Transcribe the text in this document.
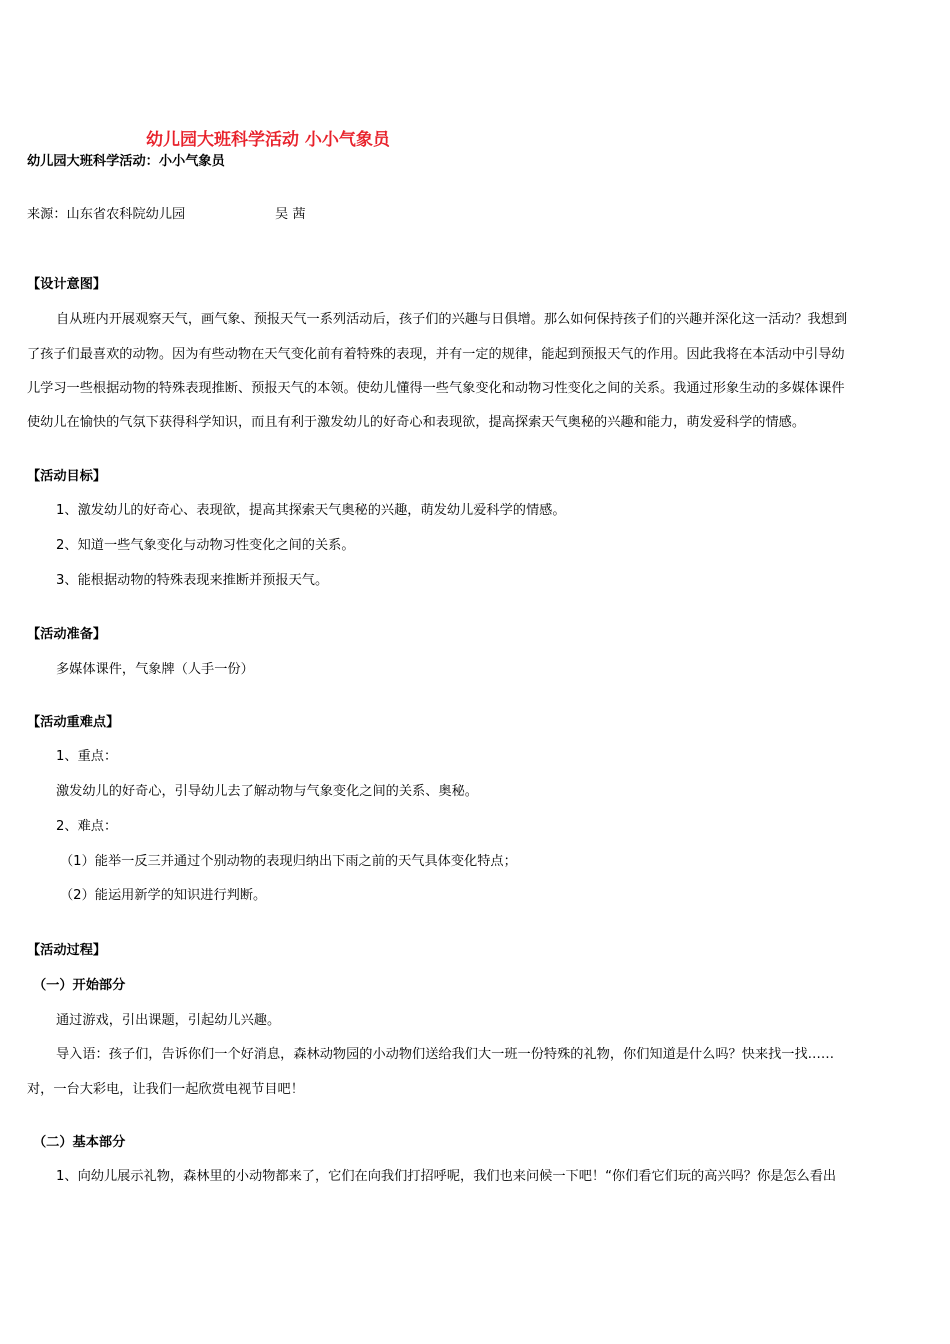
幼儿园大班科学活动 小小气象员
幼儿园大班科学活动：小小气象员
来源：山东省农科院幼儿园	吴 茜
【设计意图】
自从班内开展观察天气，画气象、预报天气一系列活动后，孩子们的兴趣与日俱增。那么如何保持孩子们的兴趣并深化这一活动？我想到
了孩子们最喜欢的动物。因为有些动物在天气变化前有着特殊的表现，并有一定的规律，能起到预报天气的作用。因此我将在本活动中引导幼
儿学习一些根据动物的特殊表现推断、预报天气的本领。使幼儿懂得一些气象变化和动物习性变化之间的关系。我通过形象生动的多媒体课件
使幼儿在愉快的气氛下获得科学知识，而且有利于激发幼儿的好奇心和表现欲，提高探索天气奥秘的兴趣和能力，萌发爱科学的情感。
【活动目标】
1、激发幼儿的好奇心、表现欲，提高其探索天气奥秘的兴趣，萌发幼儿爱科学的情感。
2、知道一些气象变化与动物习性变化之间的关系。
3、能根据动物的特殊表现来推断并预报天气。
【活动准备】
多媒体课件，气象牌（人手一份）
【活动重难点】
1、重点：
激发幼儿的好奇心，引导幼儿去了解动物与气象变化之间的关系、奥秘。
2、难点：
（1）能举一反三并通过个别动物的表现归纳出下雨之前的天气具体变化特点；
（2）能运用新学的知识进行判断。
【活动过程】
（一）开始部分
通过游戏，引出课题，引起幼儿兴趣。
导入语：孩子们，告诉你们一个好消息，森林动物园的小动物们送给我们大一班一份特殊的礼物，你们知道是什么吗？快来找一找……
对，一台大彩电，让我们一起欣赏电视节目吧！
（二）基本部分
1、向幼儿展示礼物，森林里的小动物都来了，它们在向我们打招呼呢，我们也来问候一下吧！“你们看它们玩的高兴吗？你是怎么看出
